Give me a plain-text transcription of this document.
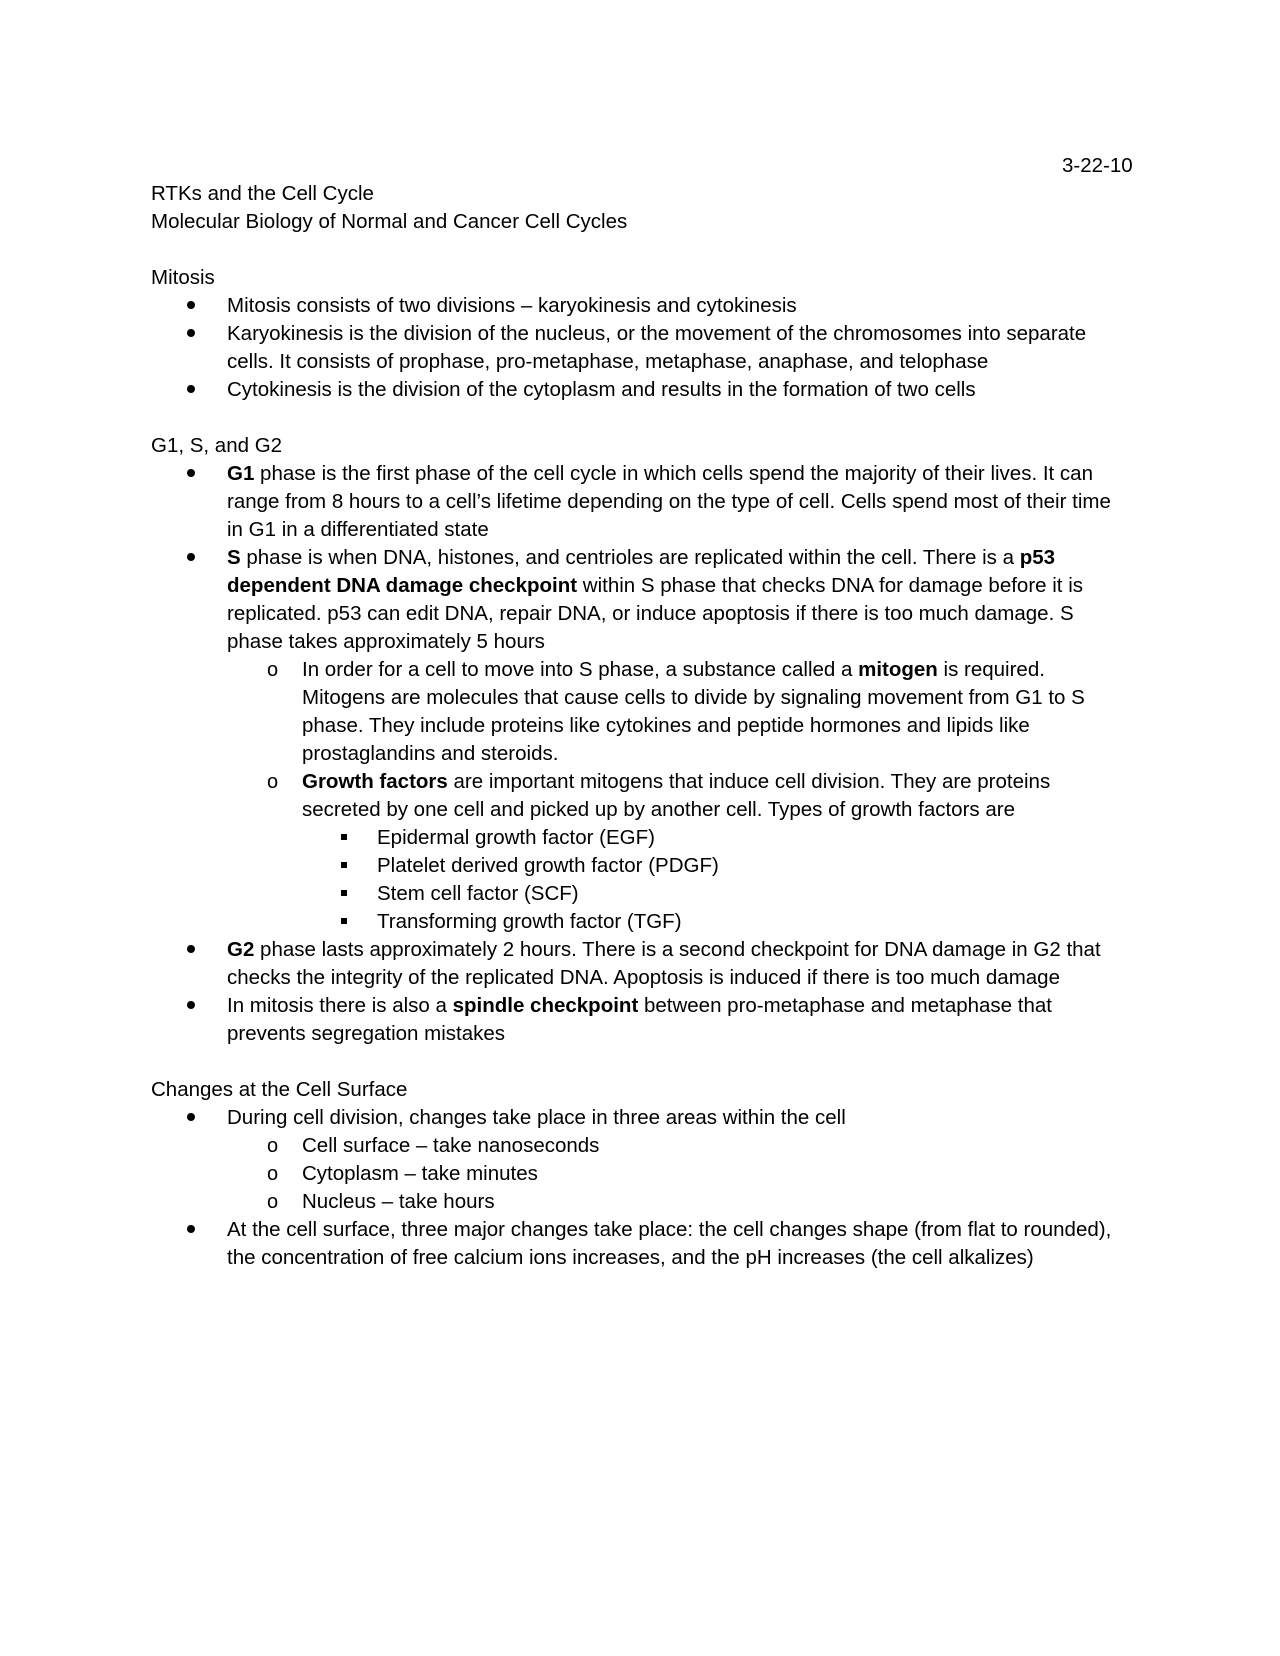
3-22-10
RTKs and the Cell Cycle
Molecular Biology of Normal and Cancer Cell Cycles
Mitosis
Mitosis consists of two divisions – karyokinesis and cytokinesis
Karyokinesis is the division of the nucleus, or the movement of the chromosomes into separate cells. It consists of prophase, pro-metaphase, metaphase, anaphase, and telophase
Cytokinesis is the division of the cytoplasm and results in the formation of two cells
G1, S, and G2
G1 phase is the first phase of the cell cycle in which cells spend the majority of their lives. It can range from 8 hours to a cell’s lifetime depending on the type of cell. Cells spend most of their time in G1 in a differentiated state
S phase is when DNA, histones, and centrioles are replicated within the cell. There is a p53 dependent DNA damage checkpoint within S phase that checks DNA for damage before it is replicated. p53 can edit DNA, repair DNA, or induce apoptosis if there is too much damage. S phase takes approximately 5 hours
o	In order for a cell to move into S phase, a substance called a mitogen is required. Mitogens are molecules that cause cells to divide by signaling movement from G1 to S phase. They include proteins like cytokines and peptide hormones and lipids like prostaglandins and steroids.
o	Growth factors are important mitogens that induce cell division. They are proteins secreted by one cell and picked up by another cell. Types of growth factors are
Epidermal growth factor (EGF)
Platelet derived growth factor (PDGF)
Stem cell factor (SCF)
Transforming growth factor (TGF)
G2 phase lasts approximately 2 hours. There is a second checkpoint for DNA damage in G2 that checks the integrity of the replicated DNA. Apoptosis is induced if there is too much damage
In mitosis there is also a spindle checkpoint between pro-metaphase and metaphase that prevents segregation mistakes
Changes at the Cell Surface
During cell division, changes take place in three areas within the cell
o	Cell surface – take nanoseconds
o	Cytoplasm – take minutes
o	Nucleus – take hours
At the cell surface, three major changes take place: the cell changes shape (from flat to rounded), the concentration of free calcium ions increases, and the pH increases (the cell alkalizes)
